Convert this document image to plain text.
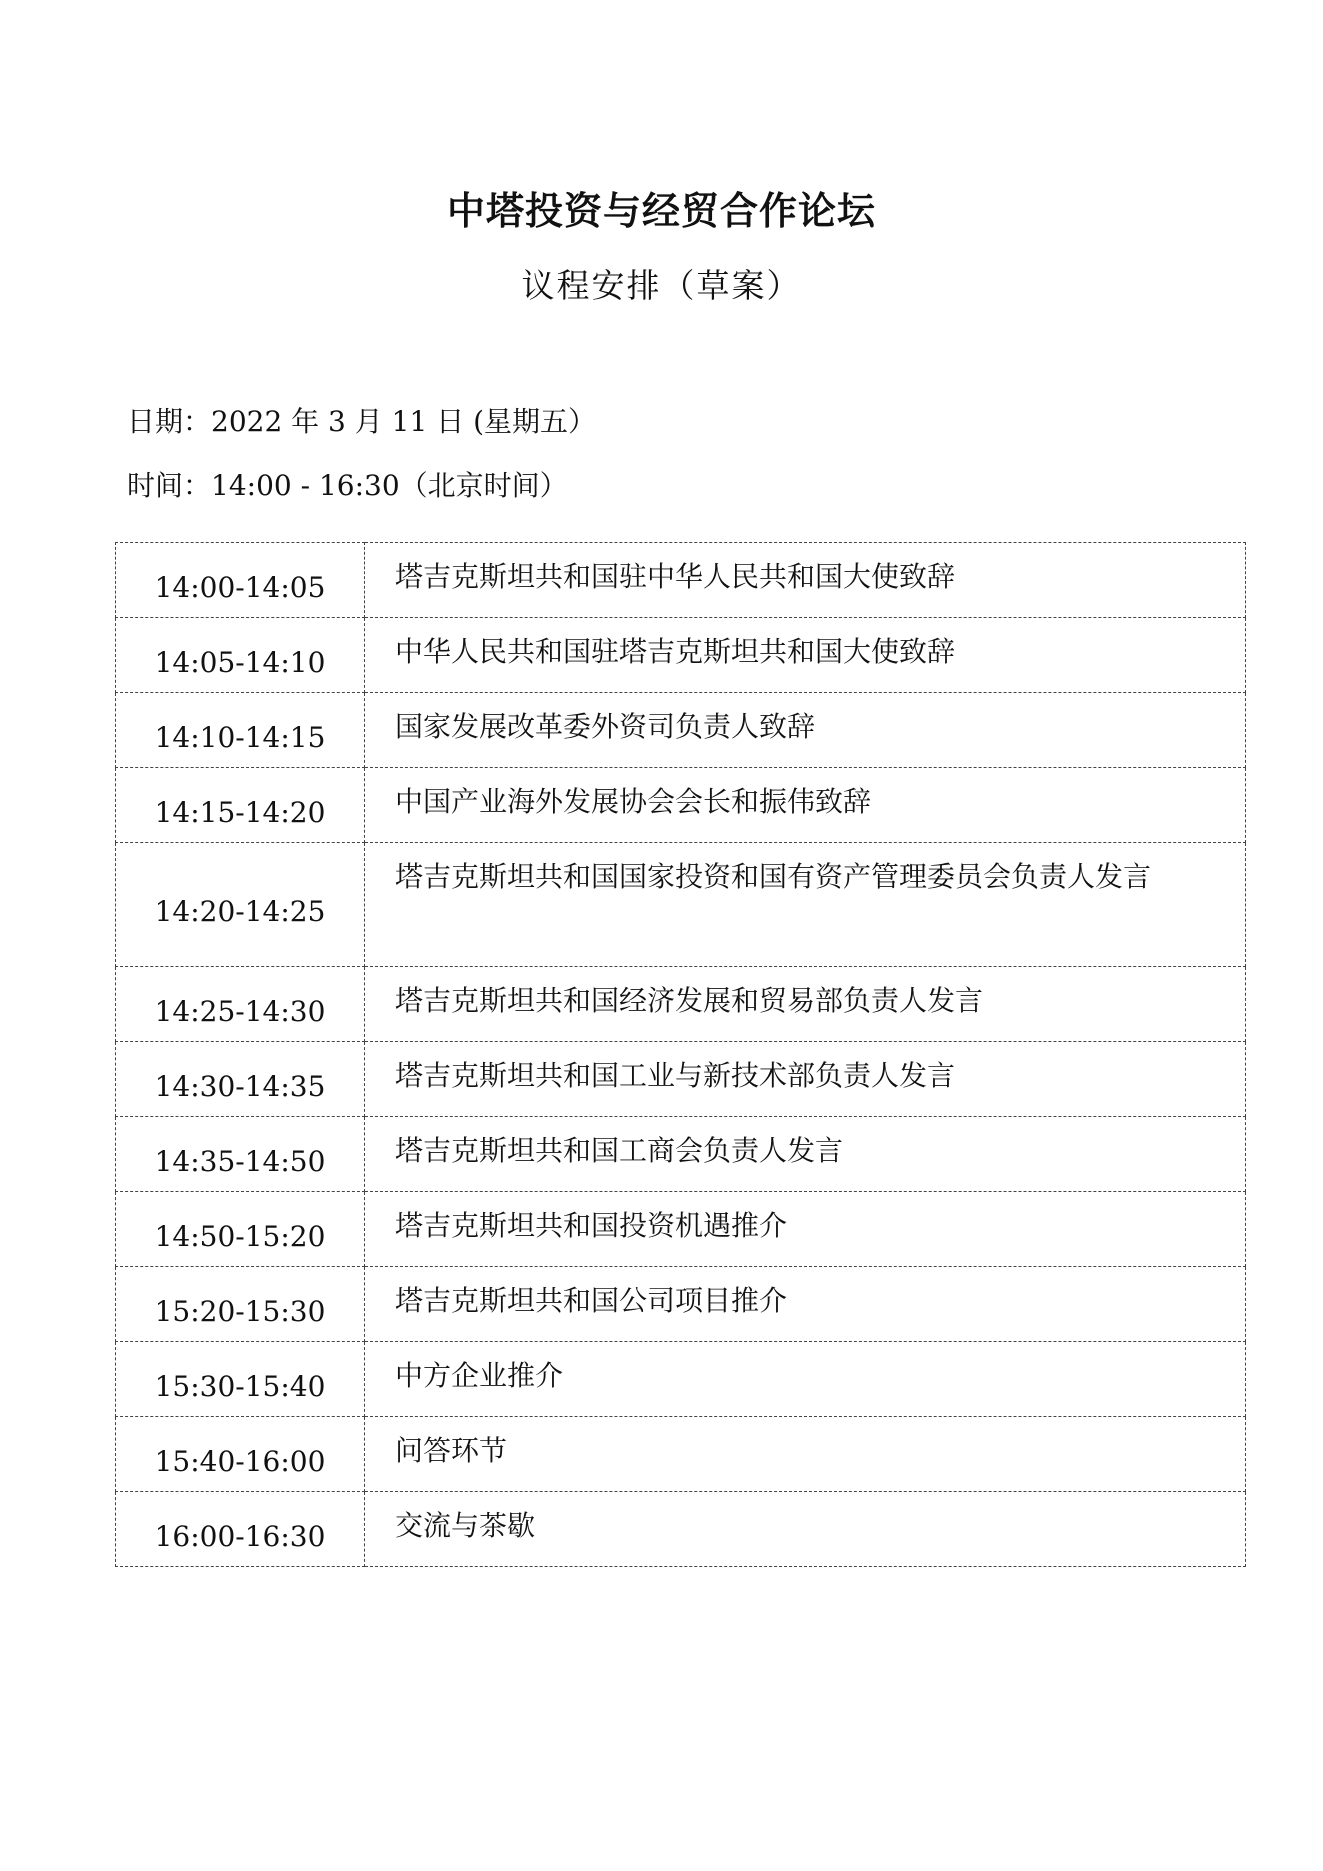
中塔投资与经贸合作论坛
议程安排（草案）
日期：2022 年 3 月 11 日 (星期五）
时间：14:00 - 16:30（北京时间）
14:00-14:05	塔吉克斯坦共和国驻中华人民共和国大使致辞
14:05-14:10	中华人民共和国驻塔吉克斯坦共和国大使致辞
14:10-14:15	国家发展改革委外资司负责人致辞
14:15-14:20	中国产业海外发展协会会长和振伟致辞
14:20-14:25	塔吉克斯坦共和国国家投资和国有资产管理委员会负责人发言
14:25-14:30	塔吉克斯坦共和国经济发展和贸易部负责人发言
14:30-14:35	塔吉克斯坦共和国工业与新技术部负责人发言
14:35-14:50	塔吉克斯坦共和国工商会负责人发言
14:50-15:20	塔吉克斯坦共和国投资机遇推介
15:20-15:30	塔吉克斯坦共和国公司项目推介
15:30-15:40	中方企业推介
15:40-16:00	问答环节
16:00-16:30	交流与茶歇
